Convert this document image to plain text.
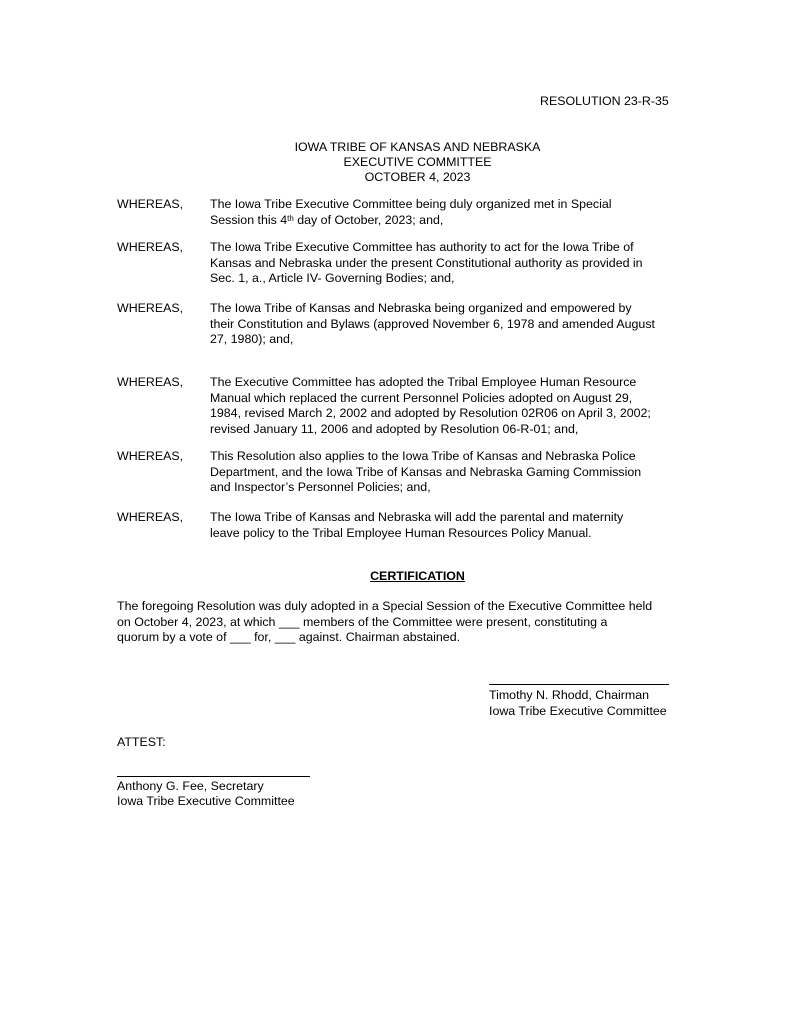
RESOLUTION 23-R-35
IOWA TRIBE OF KANSAS AND NEBRASKA
EXECUTIVE COMMITTEE
OCTOBER 4, 2023
WHEREAS, The Iowa Tribe Executive Committee being duly organized met in Special
Session this 4th day of October, 2023; and,
WHEREAS, The Iowa Tribe Executive Committee has authority to act for the Iowa Tribe of
Kansas and Nebraska under the present Constitutional authority as provided in
Sec. 1, a., Article IV- Governing Bodies; and,
WHEREAS, The Iowa Tribe of Kansas and Nebraska being organized and empowered by
their Constitution and Bylaws (approved November 6, 1978 and amended August
27, 1980); and,
WHEREAS, The Executive Committee has adopted the Tribal Employee Human Resource
Manual which replaced the current Personnel Policies adopted on August 29,
1984, revised March 2, 2002 and adopted by Resolution 02R06 on April 3, 2002;
revised January 11, 2006 and adopted by Resolution 06-R-01; and,
WHEREAS, This Resolution also applies to the Iowa Tribe of Kansas and Nebraska Police
Department, and the Iowa Tribe of Kansas and Nebraska Gaming Commission
and Inspector’s Personnel Policies; and,
WHEREAS, The Iowa Tribe of Kansas and Nebraska will add the parental and maternity
leave policy to the Tribal Employee Human Resources Policy Manual.
CERTIFICATION
The foregoing Resolution was duly adopted in a Special Session of the Executive Committee held
on October 4, 2023, at which ___ members of the Committee were present, constituting a
quorum by a vote of ___ for, ___ against. Chairman abstained.
Timothy N. Rhodd, Chairman
Iowa Tribe Executive Committee
ATTEST:
Anthony G. Fee, Secretary
Iowa Tribe Executive Committee
